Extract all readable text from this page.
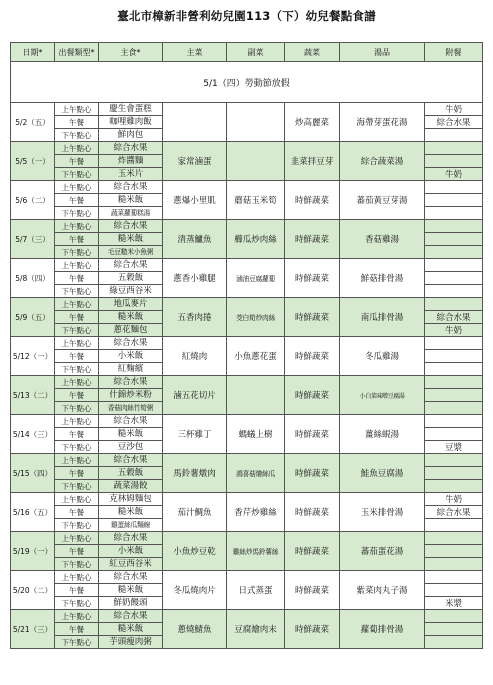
臺北市樟新非營利幼兒園113（下）幼兒餐點食譜
日期*	出餐類型*	主食*	主菜	副菜	蔬菜	湯品	附餐
5/1（四）勞動節放假							
5/2（五）	上午點心	慶生會蛋糕			炒高麗菜	海帶芽蛋花湯	牛奶
	午餐	咖哩雞肉飯					綜合水果
	下午點心	鮮肉包					
5/5（一）	上午點心	綜合水果	家常滷蛋		韭菜拌豆芽	綜合蔬菜湯	
	午餐	炸醬麵					
	下午點心	玉米片					牛奶
5/6（二）	上午點心	綜合水果	蔥爆小里肌	蘑菇玉米筍	時鮮蔬菜	蕃茄黃豆芽湯	
	午餐	糙米飯					
	下午點心	蔬菜蘿蔔糕湯					
5/7（三）	上午點心	綜合水果	清蒸鱸魚	櫛瓜炒肉絲	時鮮蔬菜	香菇雞湯	
	午餐	糙米飯					
	下午點心	毛豆糙米小魚粥					
5/8（四）	上午點心	綜合水果	蔥香小雞腿	滷油豆腐蘿蔔	時鮮蔬菜	鮮菇排骨湯	
	午餐	五穀飯					
	下午點心	綠豆西谷米					
5/9（五）	上午點心	地瓜麥片	五香肉捲	茭白筍炒肉絲	時鮮蔬菜	南瓜排骨湯	
	午餐	糙米飯					綜合水果
	下午點心	蔥花麵包					牛奶
5/12（一）	上午點心	綜合水果	紅燒肉	小魚蔥花蛋	時鮮蔬菜	冬瓜雞湯	
	午餐	小米飯					
	下午點心	紅麴繽					
5/13（二）	上午點心	綜合水果	滷五花切片		時鮮蔬菜	小白菜味噌豆腐湯	
	午餐	什錦炒米粉					
	下午點心	香菇肉絲竹筍粥					
5/14（三）	上午點心	綜合水果	三杯雞丁	螞蟻上樹	時鮮蔬菜	薑絲蜆湯	
	午餐	糙米飯					
	下午點心	豆沙包					豆漿
5/15（四）	上午點心	綜合水果	馬鈴薯燉肉	鴻喜菇燴絲瓜	時鮮蔬菜	鮭魚豆腐湯	
	午餐	五穀飯					
	下午點心	蔬菜湯餃					
5/16（五）	上午點心	克林姆麵包	茄汁鯛魚	香芹炒雞絲	時鮮蔬菜	玉米排骨湯	牛奶
	午餐	糙米飯					綜合水果
	下午點心	雞蛋絲瓜麵線					
5/19（一）	上午點心	綜合水果	小魚炒豆乾	雞絲炒馬鈴薯絲	時鮮蔬菜	蕃茄蛋花湯	
	午餐	小米飯					
	下午點心	紅豆西谷米					
5/20（二）	上午點心	綜合水果	冬瓜燒肉片	日式蒸蛋	時鮮蔬菜	紫菜肉丸子湯	
	午餐	糙米飯					
	下午點心	鮮奶饅頭					米漿
5/21（三）	上午點心	綜合水果	蔥燒鯖魚	豆腐燴肉末	時鮮蔬菜	蘿蔔排骨湯	
	午餐	糙米飯					
	下午點心	芋頭瘦肉粥					
